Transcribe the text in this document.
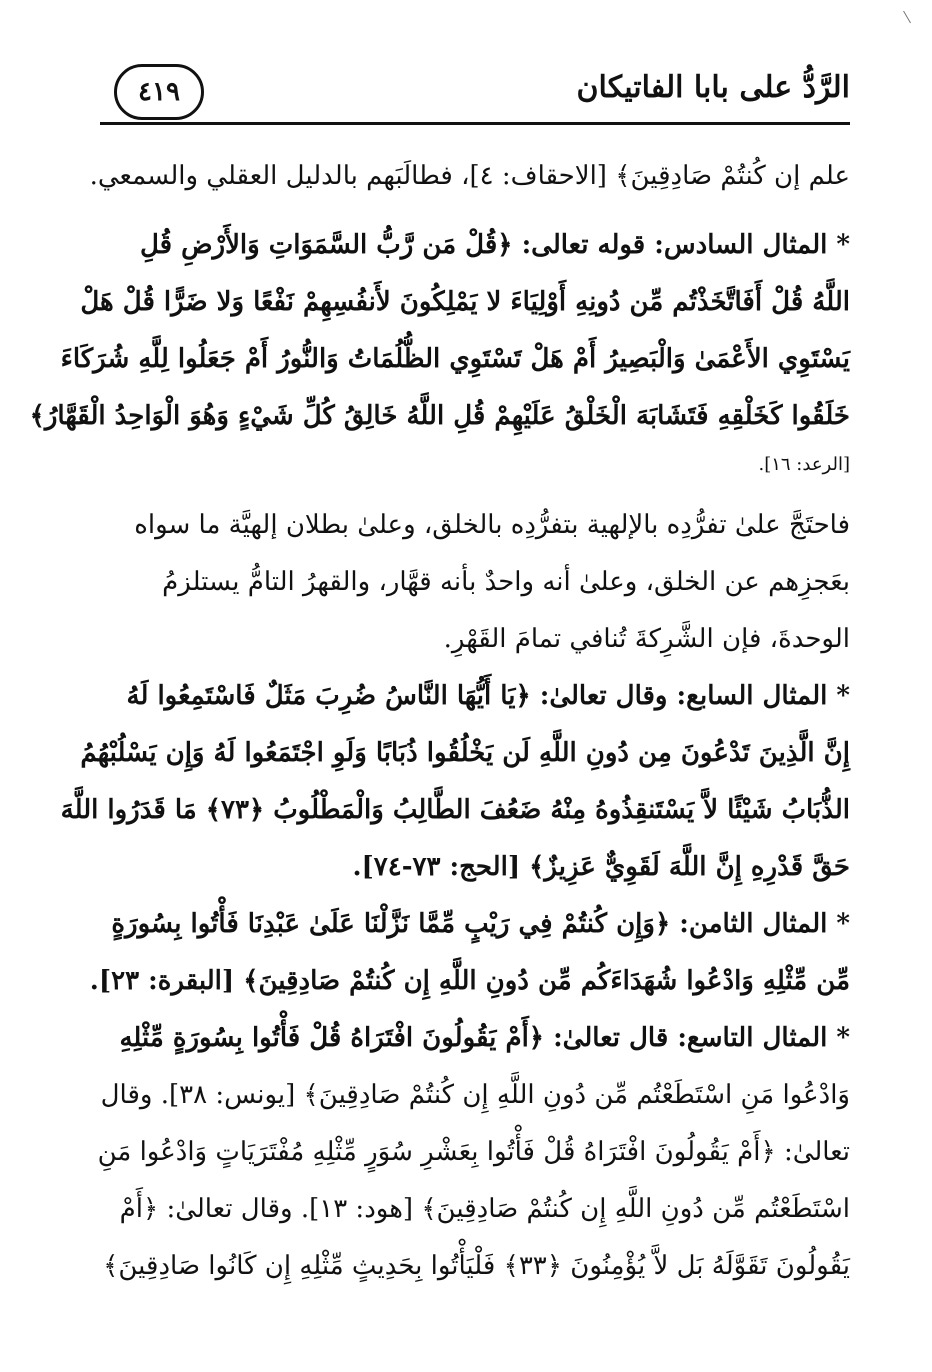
٤١٩	الرَّدُّ على بابا الفاتيكان
علم إن كُنتُمْ صَادِقِينَ﴾ [الاحقاف: ٤]، فطالَبَهم بالدليل العقلي والسمعي.
* المثال السادس: قوله تعالى: ﴿قُلْ مَن رَّبُّ السَّمَوَاتِ وَالأَرْضِ قُلِ
اللَّهُ قُلْ أَفَاتَّخَذْتُم مِّن دُونِهِ أَوْلِيَاءَ لا يَمْلِكُونَ لأَنفُسِهِمْ نَفْعًا وَلا ضَرًّا قُلْ هَلْ
يَسْتَوِي الأَعْمَىٰ وَالْبَصِيرُ أَمْ هَلْ تَسْتَوِي الظُّلُمَاتُ وَالنُّورُ أَمْ جَعَلُوا لِلَّهِ شُرَكَاءَ
خَلَقُوا كَخَلْقِهِ فَتَشَابَهَ الْخَلْقُ عَلَيْهِمْ قُلِ اللَّهُ خَالِقُ كُلِّ شَيْءٍ وَهُوَ الْوَاحِدُ الْقَهَّارُ﴾
[الرعد: ١٦].
فاحتَجَّ علىٰ تفرُّدِه بالإلهية بتفرُّدِه بالخلق، وعلىٰ بطلان إلهيَّة ما سواه
بعَجزِهم عن الخلق، وعلىٰ أنه واحدٌ بأنه قهَّار، والقهرُ التامُّ يستلزمُ
الوحدةَ، فإن الشَّرِكةَ تُنافي تمامَ القَهْرِ.
* المثال السابع: وقال تعالىٰ: ﴿يَا أَيُّهَا النَّاسُ ضُرِبَ مَثَلٌ فَاسْتَمِعُوا لَهُ
إِنَّ الَّذِينَ تَدْعُونَ مِن دُونِ اللَّهِ لَن يَخْلُقُوا ذُبَابًا وَلَوِ اجْتَمَعُوا لَهُ وَإِن يَسْلُبْهُمُ
الذُّبَابُ شَيْئًا لاَّ يَسْتَنقِذُوهُ مِنْهُ ضَعُفَ الطَّالِبُ وَالْمَطْلُوبُ ﴿٧٣﴾ مَا قَدَرُوا اللَّهَ
حَقَّ قَدْرِهِ إِنَّ اللَّهَ لَقَوِيٌّ عَزِيزٌ﴾ [الحج: ٧٣-٧٤].
* المثال الثامن: ﴿وَإِن كُنتُمْ فِي رَيْبٍ مِّمَّا نَزَّلْنَا عَلَىٰ عَبْدِنَا فَأْتُوا بِسُورَةٍ
مِّن مِّثْلِهِ وَادْعُوا شُهَدَاءَكُم مِّن دُونِ اللَّهِ إِن كُنتُمْ صَادِقِينَ﴾ [البقرة: ٢٣].
* المثال التاسع: قال تعالىٰ: ﴿أَمْ يَقُولُونَ افْتَرَاهُ قُلْ فَأْتُوا بِسُورَةٍ مِّثْلِهِ
وَادْعُوا مَنِ اسْتَطَعْتُم مِّن دُونِ اللَّهِ إِن كُنتُمْ صَادِقِينَ﴾ [يونس: ٣٨]. وقال
تعالىٰ: ﴿أَمْ يَقُولُونَ افْتَرَاهُ قُلْ فَأْتُوا بِعَشْرِ سُوَرٍ مِّثْلِهِ مُفْتَرَيَاتٍ وَادْعُوا مَنِ
اسْتَطَعْتُم مِّن دُونِ اللَّهِ إِن كُنتُمْ صَادِقِينَ﴾ [هود: ١٣]. وقال تعالىٰ: ﴿أَمْ
يَقُولُونَ تَقَوَّلَهُ بَل لاَّ يُؤْمِنُونَ ﴿٣٣﴾ فَلْيَأْتُوا بِحَدِيثٍ مِّثْلِهِ إِن كَانُوا صَادِقِينَ﴾
